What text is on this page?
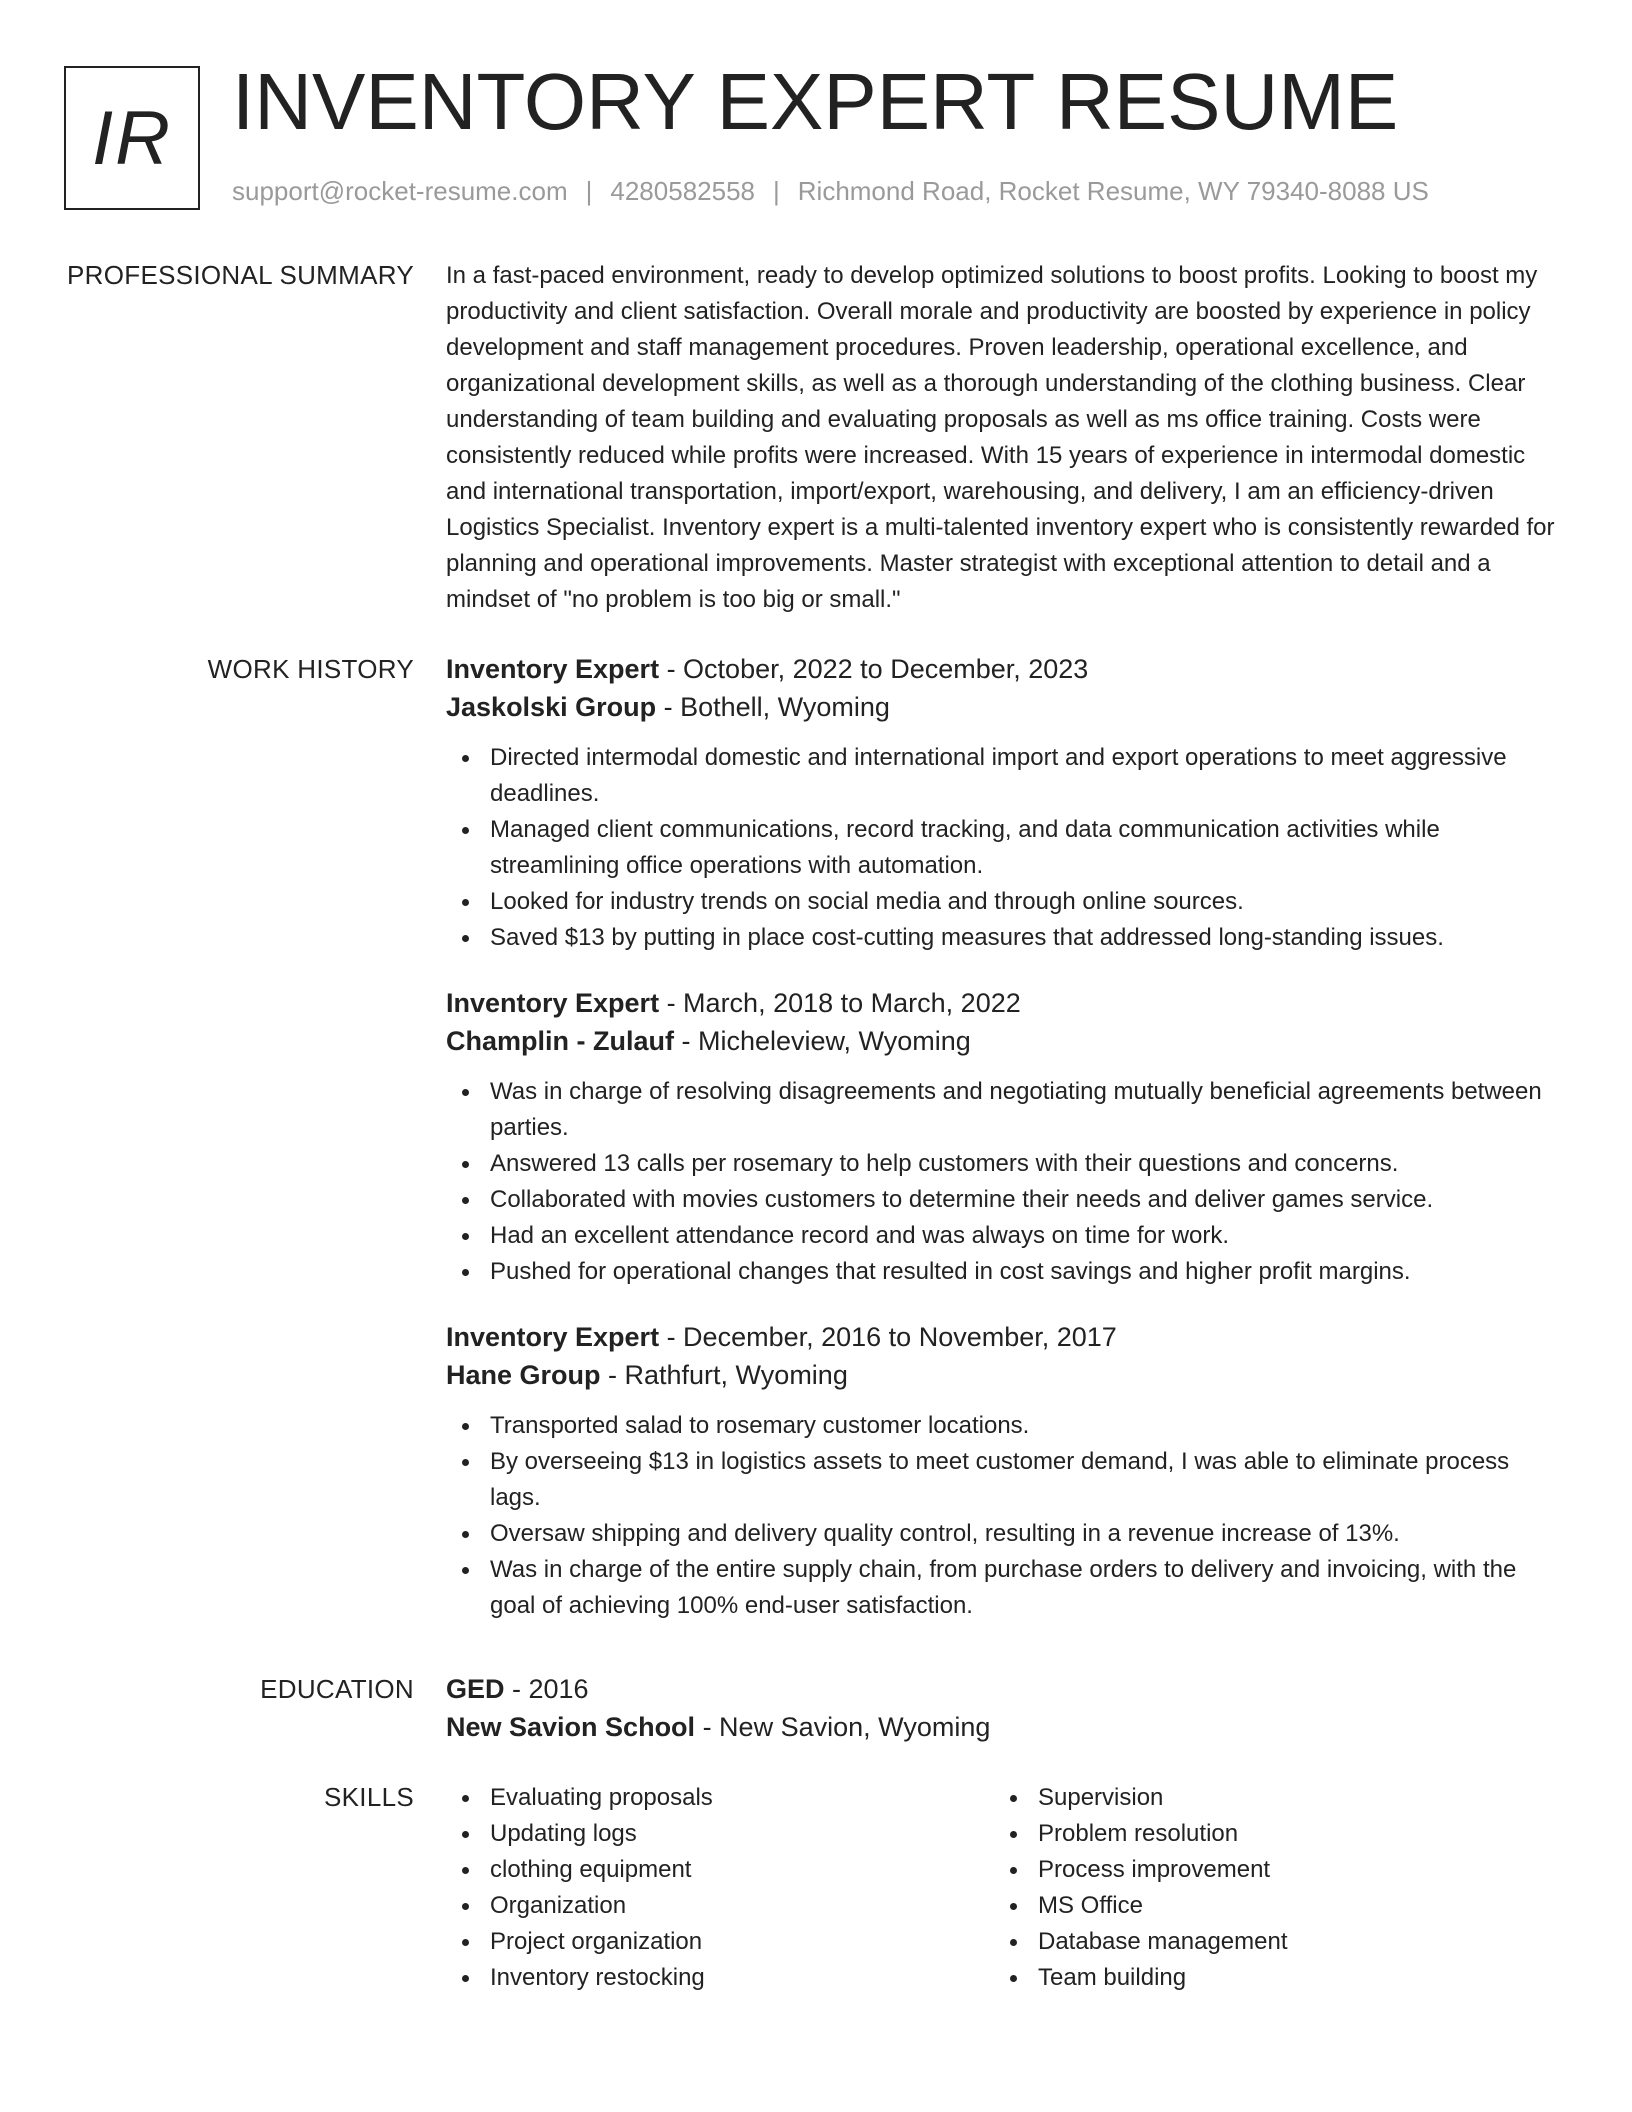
IR INVENTORY EXPERT RESUME
support@rocket-resume.com | 4280582558 | Richmond Road, Rocket Resume, WY 79340-8088 US
PROFESSIONAL SUMMARY In a fast-paced environment, ready to develop optimized solutions to boost profits. Looking to boost my productivity and client satisfaction. Overall morale and productivity are boosted by experience in policy development and staff management procedures. Proven leadership, operational excellence, and organizational development skills, as well as a thorough understanding of the clothing business. Clear understanding of team building and evaluating proposals as well as ms office training. Costs were consistently reduced while profits were increased. With 15 years of experience in intermodal domestic and international transportation, import/export, warehousing, and delivery, I am an efficiency-driven Logistics Specialist. Inventory expert is a multi-talented inventory expert who is consistently rewarded for planning and operational improvements. Master strategist with exceptional attention to detail and a mindset of "no problem is too big or small."

WORK HISTORY Inventory Expert - October, 2022 to December, 2023
Jaskolski Group - Bothell, Wyoming
Directed intermodal domestic and international import and export operations to meet aggressive deadlines.
Managed client communications, record tracking, and data communication activities while streamlining office operations with automation.
Looked for industry trends on social media and through online sources.
Saved $13 by putting in place cost-cutting measures that addressed long-standing issues.
Inventory Expert - March, 2018 to March, 2022
Champlin - Zulauf - Micheleview, Wyoming
Was in charge of resolving disagreements and negotiating mutually beneficial agreements between parties.
Answered 13 calls per rosemary to help customers with their questions and concerns.
Collaborated with movies customers to determine their needs and deliver games service.
Had an excellent attendance record and was always on time for work.
Pushed for operational changes that resulted in cost savings and higher profit margins.
Inventory Expert - December, 2016 to November, 2017
Hane Group - Rathfurt, Wyoming
Transported salad to rosemary customer locations.
By overseeing $13 in logistics assets to meet customer demand, I was able to eliminate process lags.
Oversaw shipping and delivery quality control, resulting in a revenue increase of 13%.
Was in charge of the entire supply chain, from purchase orders to delivery and invoicing, with the goal of achieving 100% end-user satisfaction.
EDUCATION GED - 2016
New Savion School - New Savion, Wyoming
SKILLS	Evaluating proposals
Updating logs
clothing equipment
Organization
Project organization
Inventory restocking
Supervision
Problem resolution
Process improvement
MS Office
Database management
Team building
